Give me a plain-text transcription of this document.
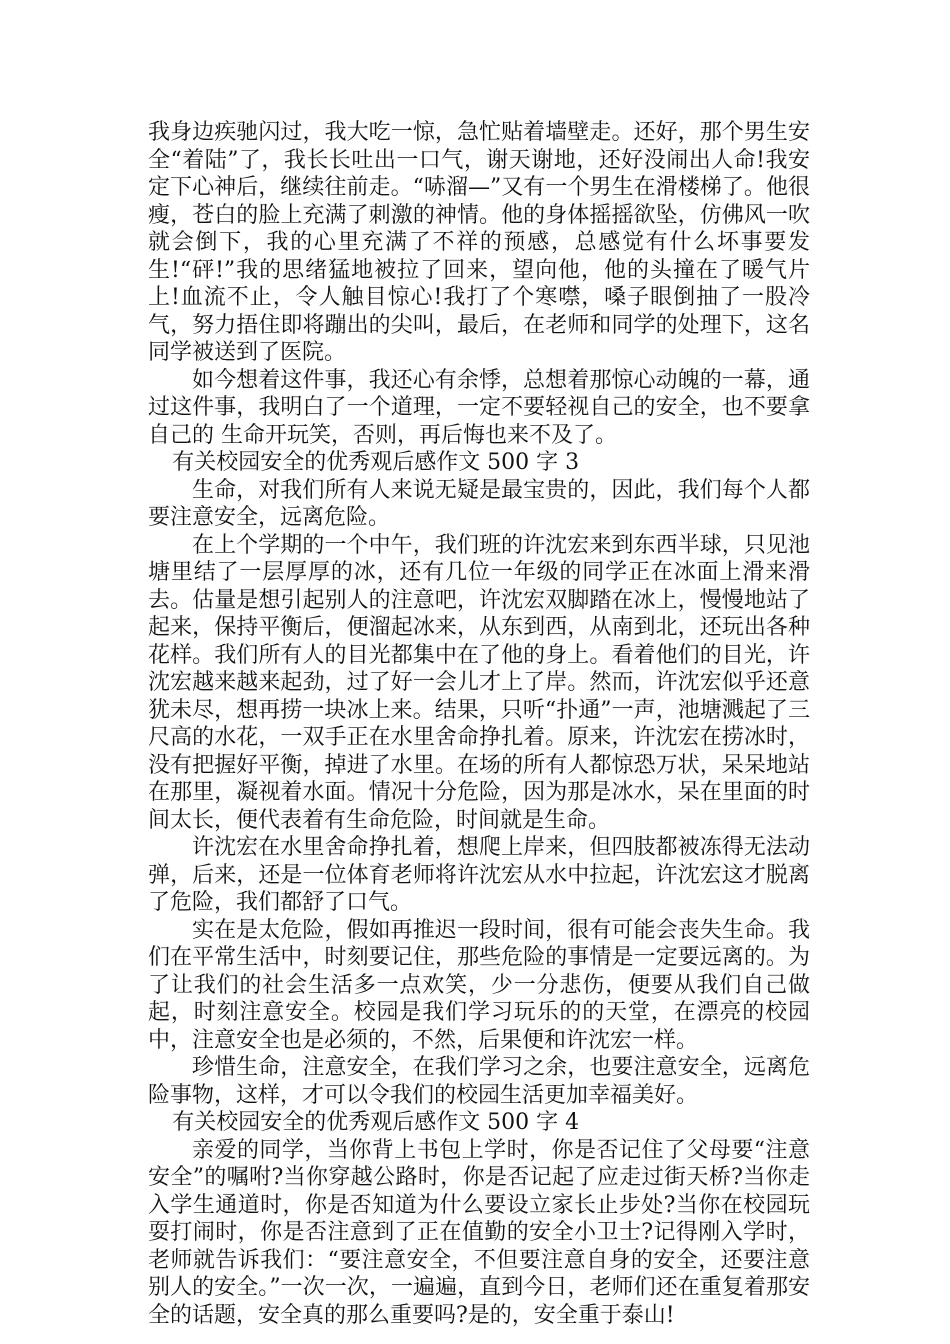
我身边疾驰闪过，我大吃一惊，急忙贴着墙壁走。还好，那个男生安全“着陆”了，我长长吐出一口气，谢天谢地，还好没闹出人命!我安定下心神后，继续往前走。“哧溜—”又有一个男生在滑楼梯了。他很瘦，苍白的脸上充满了刺激的神情。他的身体摇摇欲坠，仿佛风一吹就会倒下，我的心里充满了不祥的预感，总感觉有什么坏事要发生!“砰!”我的思绪猛地被拉了回来，望向他，他的头撞在了暖气片上!血流不止，令人触目惊心!我打了个寒噤，嗓子眼倒抽了一股冷气，努力捂住即将蹦出的尖叫，最后，在老师和同学的处理下，这名同学被送到了医院。

如今想着这件事，我还心有余悸，总想着那惊心动魄的一幕，通过这件事，我明白了一个道理，一定不要轻视自己的安全，也不要拿自己的 生命开玩笑，否则，再后悔也来不及了。

有关校园安全的优秀观后感作文 500 字 3

生命，对我们所有人来说无疑是最宝贵的，因此，我们每个人都要注意安全，远离危险。

在上个学期的一个中午，我们班的许沈宏来到东西半球，只见池塘里结了一层厚厚的冰，还有几位一年级的同学正在冰面上滑来滑去。估量是想引起别人的注意吧，许沈宏双脚踏在冰上，慢慢地站了起来，保持平衡后，便溜起冰来，从东到西，从南到北，还玩出各种花样。我们所有人的目光都集中在了他的身上。看着他们的目光，许沈宏越来越来起劲，过了好一会儿才上了岸。然而，许沈宏似乎还意犹未尽，想再捞一块冰上来。结果，只听“扑通”一声，池塘溅起了三尺高的水花，一双手正在水里舍命挣扎着。原来，许沈宏在捞冰时，没有把握好平衡，掉进了水里。在场的所有人都惊恐万状，呆呆地站在那里，凝视着水面。情况十分危险，因为那是冰水，呆在里面的时间太长，便代表着有生命危险，时间就是生命。

许沈宏在水里舍命挣扎着，想爬上岸来，但四肢都被冻得无法动弹，后来，还是一位体育老师将许沈宏从水中拉起，许沈宏这才脱离了危险，我们都舒了口气。

实在是太危险，假如再推迟一段时间，很有可能会丧失生命。我们在平常生活中，时刻要记住，那些危险的事情是一定要远离的。为了让我们的社会生活多一点欢笑，少一分悲伤，便要从我们自己做起，时刻注意安全。校园是我们学习玩乐的的天堂，在漂亮的校园中，注意安全也是必须的，不然，后果便和许沈宏一样。

珍惜生命，注意安全，在我们学习之余，也要注意安全，远离危险事物，这样，才可以令我们的校园生活更加幸福美好。

有关校园安全的优秀观后感作文 500 字 4

亲爱的同学，当你背上书包上学时，你是否记住了父母要“注意安全”的嘱咐?当你穿越公路时，你是否记起了应走过街天桥?当你走入学生通道时，你是否知道为什么要设立家长止步处?当你在校园玩耍打闹时，你是否注意到了正在值勤的安全小卫士?记得刚入学时，老师就告诉我们：“要注意安全，不但要注意自身的安全，还要注意别人的安全。”一次一次，一遍遍，直到今日，老师们还在重复着那安全的话题，安全真的那么重要吗?是的，安全重于泰山!
